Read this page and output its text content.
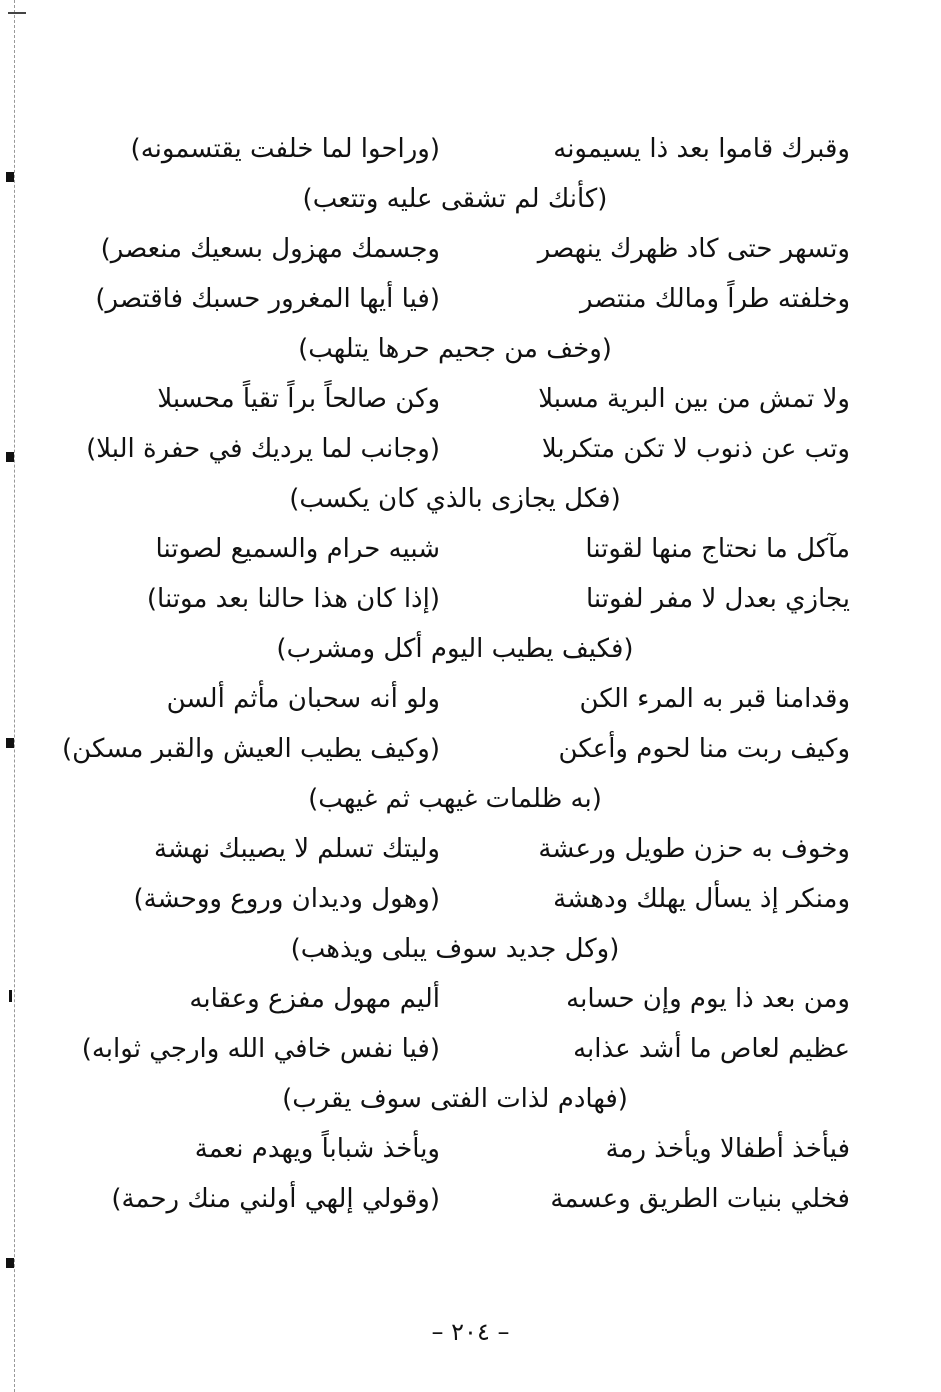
وقبرك قاموا بعد ذا يسيمونه
(وراحوا لما خلفت يقتسمونه)
(كأنك لم تشقى عليه وتتعب)
وتسهر حتى كاد ظهرك ينهصر
وجسمك مهزول بسعيك منعصر)
وخلفته طراً ومالك منتصر
(فيا أيها المغرور حسبك فاقتصر)
(وخف من جحيم حرها يتلهب)
ولا تمش من بين البرية مسبلا
وكن صالحاً براً تقياً محسبلا
وتب عن ذنوب لا تكن متكربلا
(وجانب لما يرديك في حفرة البلا)
(فكل يجازى بالذي كان يكسب)
مآكل ما نحتاج منها لقوتنا
شبيه حرام والسميع لصوتنا
يجازي بعدل لا مفر لفوتنا
(إذا كان هذا حالنا بعد موتنا)
(فكيف يطيب اليوم أكل ومشرب)
وقدامنا قبر به المرء الكن
ولو أنه سحبان مأثم ألسن
وكيف ربت منا لحوم وأعكن
(وكيف يطيب العيش والقبر مسكن)
(به ظلمات غيهب ثم غيهب)
وخوف به حزن طويل ورعشة
وليتك تسلم لا يصيبك نهشة
ومنكر إذ يسأل يهلك ودهشة
(وهول وديدان وروع ووحشة)
(وكل جديد سوف يبلى ويذهب)
ومن بعد ذا يوم وإن حسابه
أليم مهول مفزع وعقابه
عظيم لعاص ما أشد عذابه
(فيا نفس خافي الله وارجي ثوابه)
(فهادم لذات الفتى سوف يقرب)
فيأخذ أطفالا ويأخذ رمة
ويأخذ شباباً ويهدم نعمة
فخلي بنيات الطريق وعسمة
(وقولي إلهي أولني منك رحمة)
– ٢٠٤ –
